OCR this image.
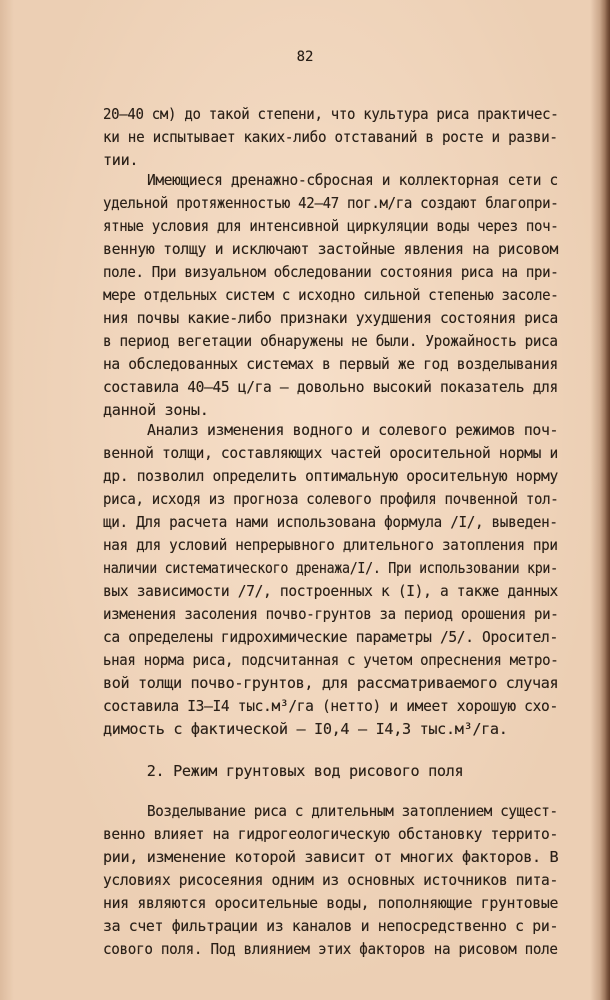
82
20–40 см) до такой степени, что культура риса практичес-
ки не испытывает каких-либо отставаний в росте и разви-
тии.
Имеющиеся дренажно-сбросная и коллекторная сети с
удельной протяженностью 42–47 пог.м/га создают благопри-
ятные условия для интенсивной циркуляции воды через поч-
венную толщу и исключают застойные явления на рисовом
поле. При визуальном обследовании состояния риса на при-
мере отдельных систем с исходно сильной степенью засоле-
ния почвы какие-либо признаки ухудшения состояния риса
в период вегетации обнаружены не были. Урожайность риса
на обследованных системах в первый же год возделывания
составила 40–45 ц/га – довольно высокий показатель для
данной зоны.
Анализ изменения водного и солевого режимов поч-
венной толщи, составляющих частей оросительной нормы и
др. позволил определить оптимальную оросительную норму
риса, исходя из прогноза солевого профиля почвенной тол-
щи. Для расчета нами использована формула /I/, выведен-
ная для условий непрерывного длительного затопления при
наличии систематического дренажа/I/. При использовании кри-
вых зависимости /7/, построенных к (I), а также данных
изменения засоления почво-грунтов за период орошения ри-
са определены гидрохимические параметры /5/. Оросител-
ьная норма риса, подсчитанная с учетом опреснения метро-
вой толщи почво-грунтов, для рассматриваемого случая
составила I3–I4 тыс.м³/га (нетто) и имеет хорошую схо-
димость с фактической – I0,4 – I4,3 тыс.м³/га.
2. Режим грунтовых вод рисового поля
Возделывание риса с длительным затоплением сущест-
венно влияет на гидрогеологическую обстановку террито-
рии, изменение которой зависит от многих факторов. В
условиях рисосеяния одним из основных источников пита-
ния являются оросительные воды, пополняющие грунтовые
за счет фильтрации из каналов и непосредственно с ри-
сового поля. Под влиянием этих факторов на рисовом поле
